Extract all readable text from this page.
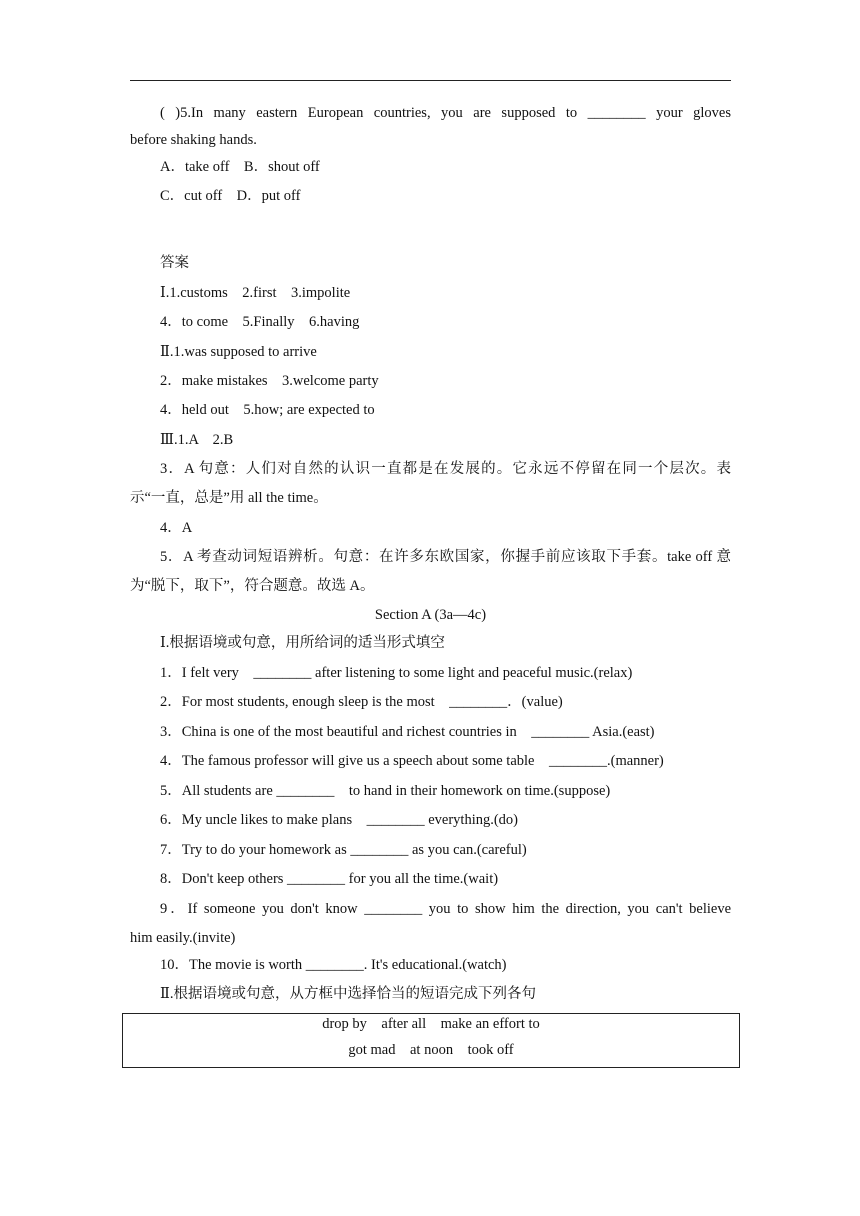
( )5.In many eastern European countries, you are supposed to ________ your gloves
before shaking hands.
A．take off    B．shout off
C．cut off    D．put off
答案
Ⅰ.1.customs    2.first    3.impolite
4．to come    5.Finally    6.having
Ⅱ.1.was supposed to arrive
2．make mistakes    3.welcome party
4．held out    5.how; are expected to
Ⅲ.1.A    2.B
3．A 句意：人们对自然的认识一直都是在发展的。它永远不停留在同一个层次。表
示“一直，总是”用 all the time。
4．A
5．A 考查动词短语辨析。句意：在许多东欧国家，你握手前应该取下手套。take off 意
为“脱下，取下”，符合题意。故选 A。
Section A (3a—4c)
Ⅰ.根据语境或句意，用所给词的适当形式填空
1．I felt very    ________ after listening to some light and peaceful music.(relax)
2．For most students, enough sleep is the most    ________．(value)
3．China is one of the most beautiful and richest countries in    ________ Asia.(east)
4．The famous professor will give us a speech about some table    ________.(manner)
5．All students are ________    to hand in their homework on time.(suppose)
6．My uncle likes to make plans    ________ everything.(do)
7．Try to do your homework as ________ as you can.(careful)
8．Don't keep others ________ for you all the time.(wait)
9．If someone you don't know ________ you to show him the direction, you can't believe
him easily.(invite)
10．The movie is worth ________. It's educational.(watch)
Ⅱ.根据语境或句意，从方框中选择恰当的短语完成下列各句
drop by    after all    make an effort to
got mad    at noon    took off
